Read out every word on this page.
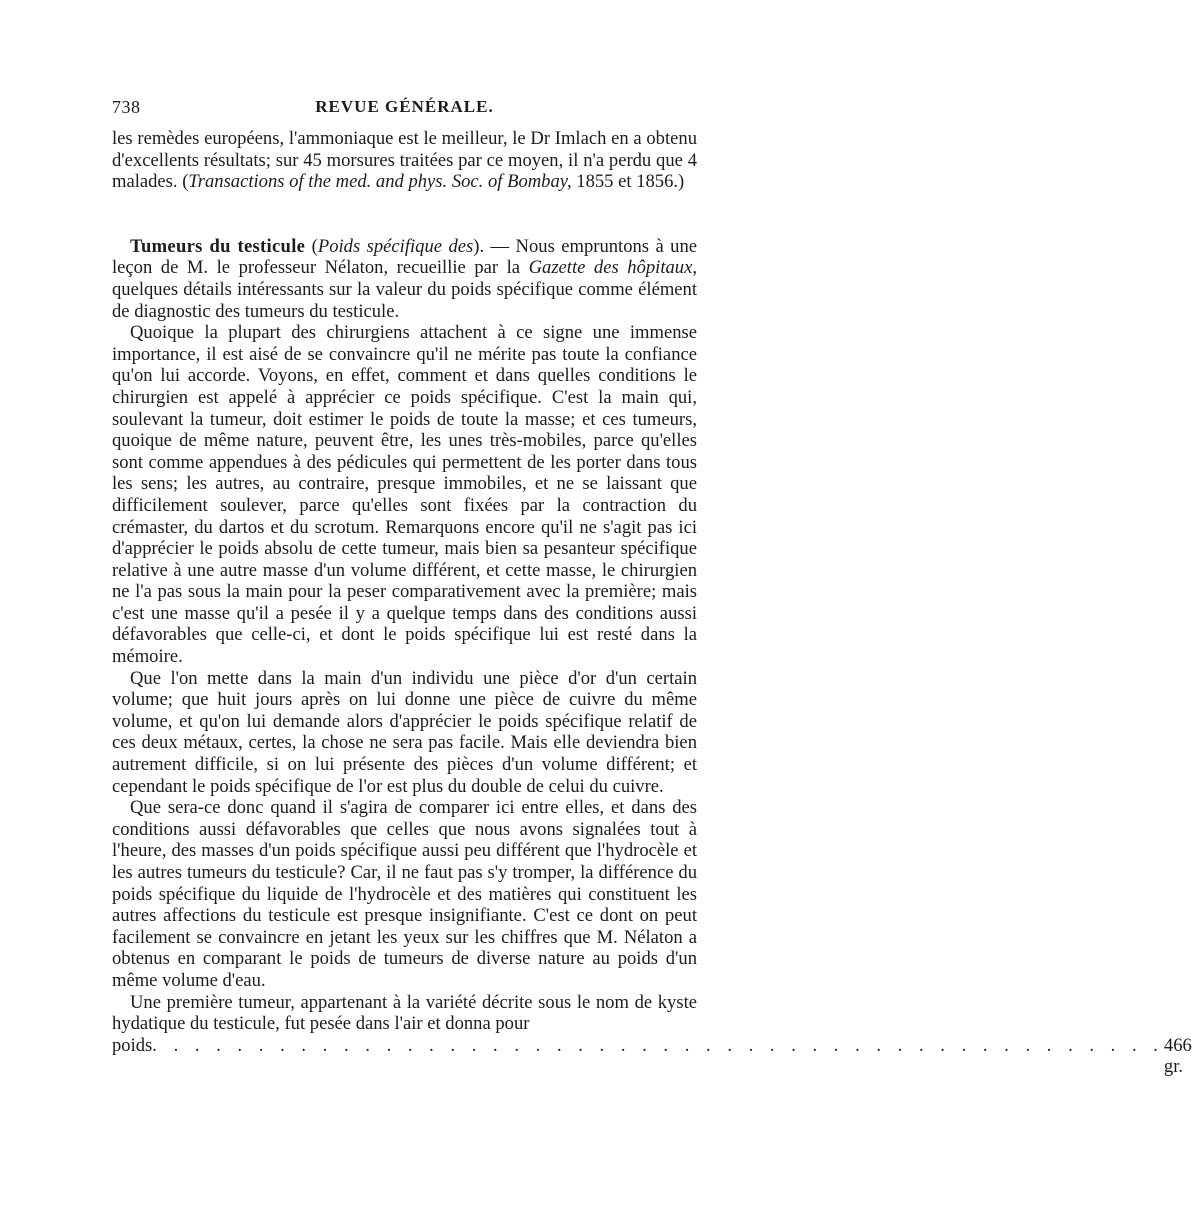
738	REVUE GÉNÉRALE.

les remèdes européens, l'ammoniaque est le meilleur, le Dr Imlach en a obtenu d'excellents résultats; sur 45 morsures traitées par ce moyen, il n'a perdu que 4 malades. (Transactions of the med. and phys. Soc. of Bombay, 1855 et 1856.)

Tumeurs du testicule (Poids spécifique des). — Nous empruntons à une leçon de M. le professeur Nélaton, recueillie par la Gazette des hôpitaux, quelques détails intéressants sur la valeur du poids spécifique comme élément de diagnostic des tumeurs du testicule.

Quoique la plupart des chirurgiens attachent à ce signe une immense importance, il est aisé de se convaincre qu'il ne mérite pas toute la confiance qu'on lui accorde. Voyons, en effet, comment et dans quelles conditions le chirurgien est appelé à apprécier ce poids spécifique. C'est la main qui, soulevant la tumeur, doit estimer le poids de toute la masse; et ces tumeurs, quoique de même nature, peuvent être, les unes très-mobiles, parce qu'elles sont comme appendues à des pédicules qui permettent de les porter dans tous les sens; les autres, au contraire, presque immobiles, et ne se laissant que difficilement soulever, parce qu'elles sont fixées par la contraction du crémaster, du dartos et du scrotum. Remarquons encore qu'il ne s'agit pas ici d'apprécier le poids absolu de cette tumeur, mais bien sa pesanteur spécifique relative à une autre masse d'un volume différent, et cette masse, le chirurgien ne l'a pas sous la main pour la peser comparativement avec la première; mais c'est une masse qu'il a pesée il y a quelque temps dans des conditions aussi défavorables que celle-ci, et dont le poids spécifique lui est resté dans la mémoire.

Que l'on mette dans la main d'un individu une pièce d'or d'un certain volume; que huit jours après on lui donne une pièce de cuivre du même volume, et qu'on lui demande alors d'apprécier le poids spécifique relatif de ces deux métaux, certes, la chose ne sera pas facile. Mais elle deviendra bien autrement difficile, si on lui présente des pièces d'un volume différent; et cependant le poids spécifique de l'or est plus du double de celui du cuivre.

Que sera-ce donc quand il s'agira de comparer ici entre elles, et dans des conditions aussi défavorables que celles que nous avons signalées tout à l'heure, des masses d'un poids spécifique aussi peu différent que l'hydrocèle et les autres tumeurs du testicule? Car, il ne faut pas s'y tromper, la différence du poids spécifique du liquide de l'hydrocèle et des matières qui constituent les autres affections du testicule est presque insignifiante. C'est ce dont on peut facilement se convaincre en jetant les yeux sur les chiffres que M. Nélaton a obtenus en comparant le poids de tumeurs de diverse nature au poids d'un même volume d'eau.

Une première tumeur, appartenant à la variété décrite sous le nom de kyste hydatique du testicule, fut pesée dans l'air et donna pour

poids . . . . . . . . . . . . . . . . . . . . . . . . . . . . . . . . . . . . . . . . . . . . . . . . 466 gr.
